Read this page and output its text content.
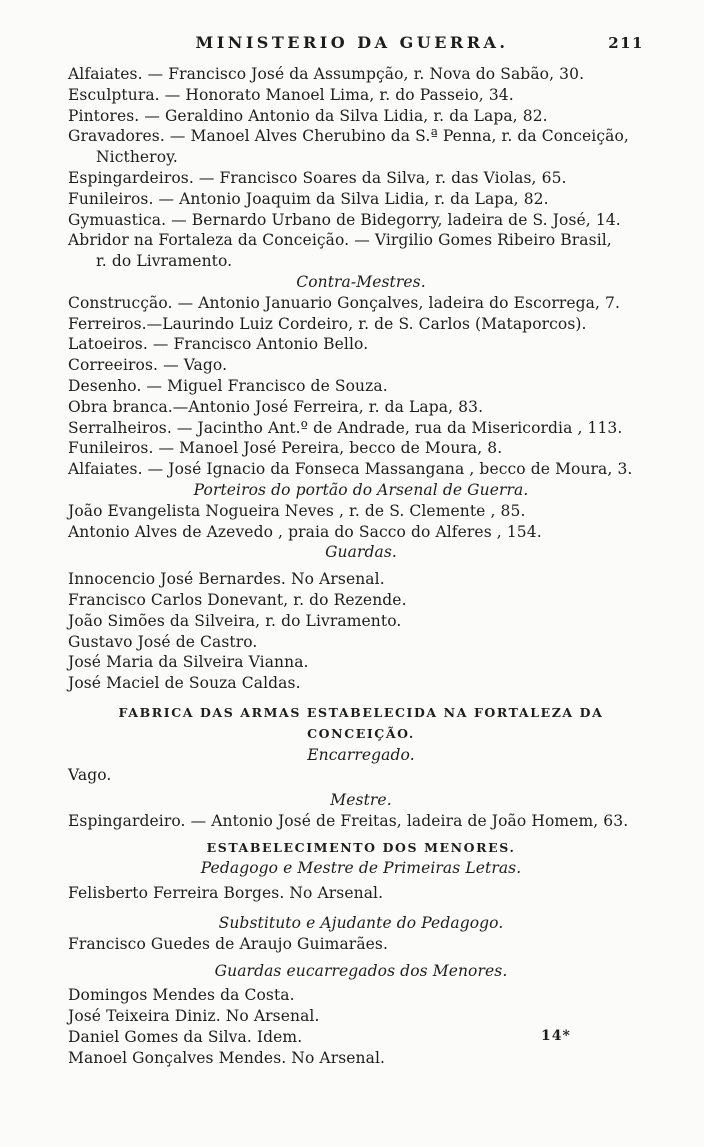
MINISTERIO DA GUERRA.	211
Alfaiates. — Francisco José da Assumpção, r. Nova do Sabão, 30.
Esculptura. — Honorato Manoel Lima, r. do Passeio, 34.
Pintores. — Geraldino Antonio da Silva Lidia, r. da Lapa, 82.
Gravadores. — Manoel Alves Cherubino da S.ª Penna, r. da Conceição,
Nictheroy.
Espingardeiros. — Francisco Soares da Silva, r. das Violas, 65.
Funileiros. — Antonio Joaquim da Silva Lidia, r. da Lapa, 82.
Gymuastica. — Bernardo Urbano de Bidegorry, ladeira de S. José, 14.
Abridor na Fortaleza da Conceição. — Virgilio Gomes Ribeiro Brasil,
r. do Livramento.
Contra-Mestres.
Construcção. — Antonio Januario Gonçalves, ladeira do Escorrega, 7.
Ferreiros.—Laurindo Luiz Cordeiro, r. de S. Carlos (Mataporcos).
Latoeiros. — Francisco Antonio Bello.
Correeiros. — Vago.
Desenho. — Miguel Francisco de Souza.
Obra branca.—Antonio José Ferreira, r. da Lapa, 83.
Serralheiros. — Jacintho Ant.º de Andrade, rua da Misericordia , 113.
Funileiros. — Manoel José Pereira, becco de Moura, 8.
Alfaiates. — José Ignacio da Fonseca Massangana , becco de Moura, 3.
Porteiros do portão do Arsenal de Guerra.
João Evangelista Nogueira Neves , r. de S. Clemente , 85.
Antonio Alves de Azevedo , praia do Sacco do Alferes , 154.
Guardas.
Innocencio José Bernardes. No Arsenal.
Francisco Carlos Donevant, r. do Rezende.
João Simões da Silveira, r. do Livramento.
Gustavo José de Castro.
José Maria da Silveira Vianna.
José Maciel de Souza Caldas.
FABRICA DAS ARMAS ESTABELECIDA NA FORTALEZA DA CONCEIÇÃO.
Encarregado.
Vago.
Mestre.
Espingardeiro. — Antonio José de Freitas, ladeira de João Homem, 63.
ESTABELECIMENTO DOS MENORES.
Pedagogo e Mestre de Primeiras Letras.
Felisberto Ferreira Borges. No Arsenal.
Substituto e Ajudante do Pedagogo.
Francisco Guedes de Araujo Guimarães.
Guardas eucarregados dos Menores.
Domingos Mendes da Costa.
José Teixeira Diniz. No Arsenal.
Daniel Gomes da Silva. Idem.
Manoel Gonçalves Mendes. No Arsenal.
14*
